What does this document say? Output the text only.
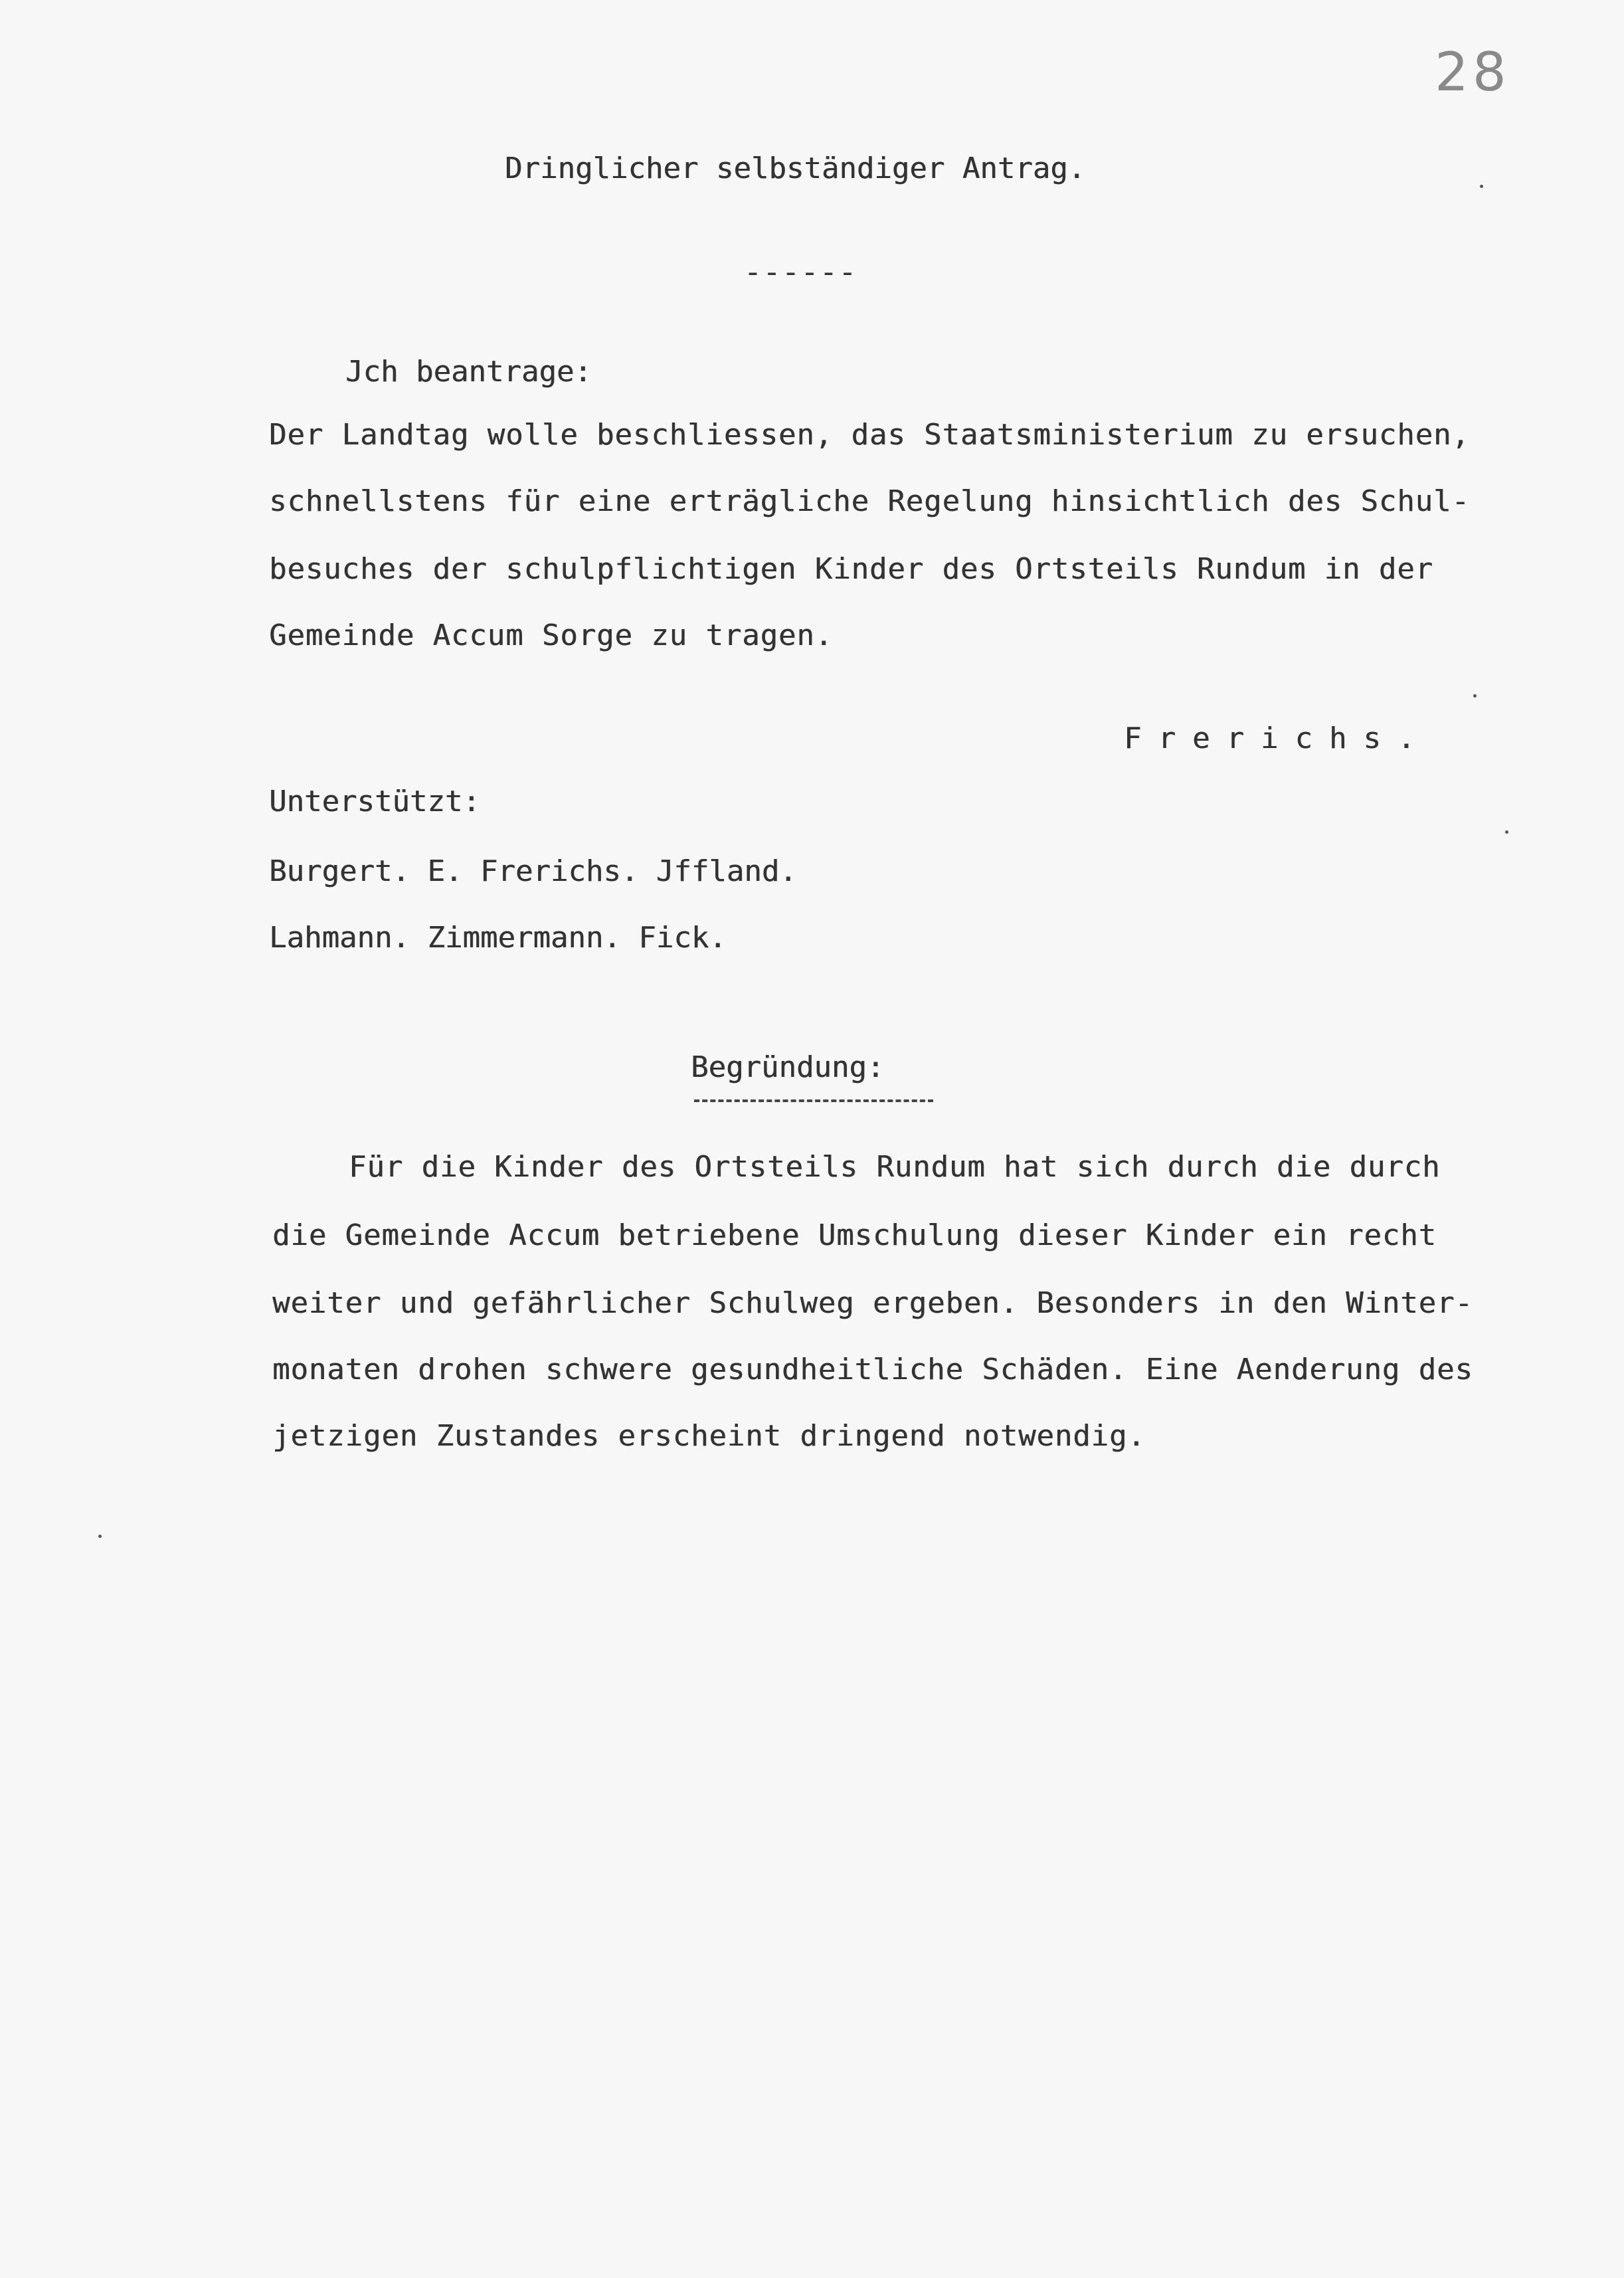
28
Dringlicher selbständiger Antrag.
------
Jch beantrage:
Der Landtag wolle beschliessen, das Staatsministerium zu ersuchen,
schnellstens für eine erträgliche Regelung hinsichtlich des Schul-
besuches der schulpflichtigen Kinder des Ortsteils Rundum in der
Gemeinde Accum Sorge zu tragen.
Frerichs.
Unterstützt:
Burgert. E. Frerichs. Jffland.
Lahmann. Zimmermann. Fick.
Begründung:
Für die Kinder des Ortsteils Rundum hat sich durch die durch
die Gemeinde Accum betriebene Umschulung dieser Kinder ein recht
weiter und gefährlicher Schulweg ergeben. Besonders in den Winter-
monaten drohen schwere gesundheitliche Schäden. Eine Aenderung des
jetzigen Zustandes erscheint dringend notwendig.
